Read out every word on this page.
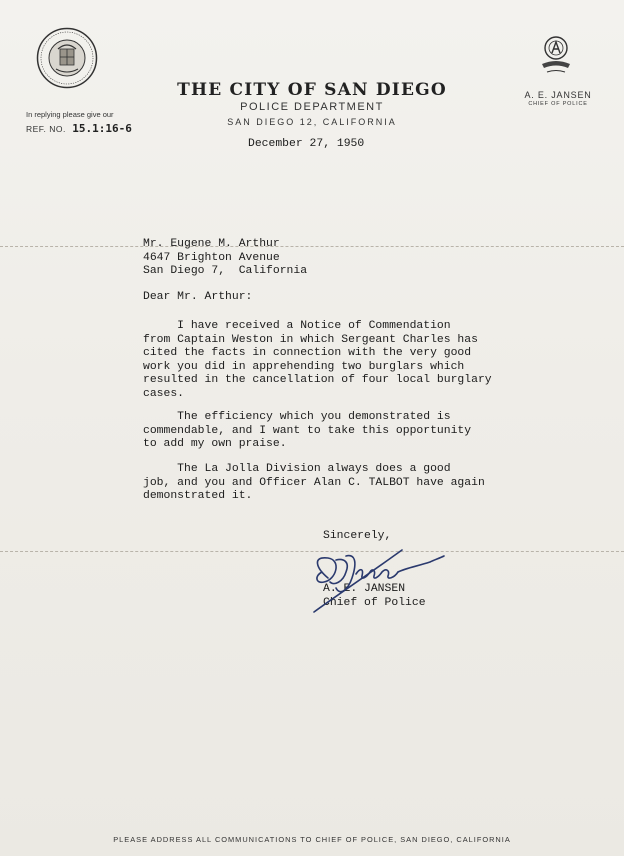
THE CITY OF SAN DIEGO
POLICE DEPARTMENT
SAN DIEGO 12, CALIFORNIA
A. E. JANSEN
CHIEF OF POLICE
In replying please give our
REF. NO. 15.1:16-6
December 27, 1950
Mr. Eugene M. Arthur
4647 Brighton Avenue
San Diego 7,  California
Dear Mr. Arthur:
I have received a Notice of Commendation
from Captain Weston in which Sergeant Charles has
cited the facts in connection with the very good
work you did in apprehending two burglars which
resulted in the cancellation of four local burglary
cases.
The efficiency which you demonstrated is
commendable, and I want to take this opportunity
to add my own praise.
The La Jolla Division always does a good
job, and you and Officer Alan C. TALBOT have again
demonstrated it.
Sincerely,
A. E. JANSEN
Chief of Police
PLEASE ADDRESS ALL COMMUNICATIONS TO CHIEF OF POLICE, SAN DIEGO, CALIFORNIA
